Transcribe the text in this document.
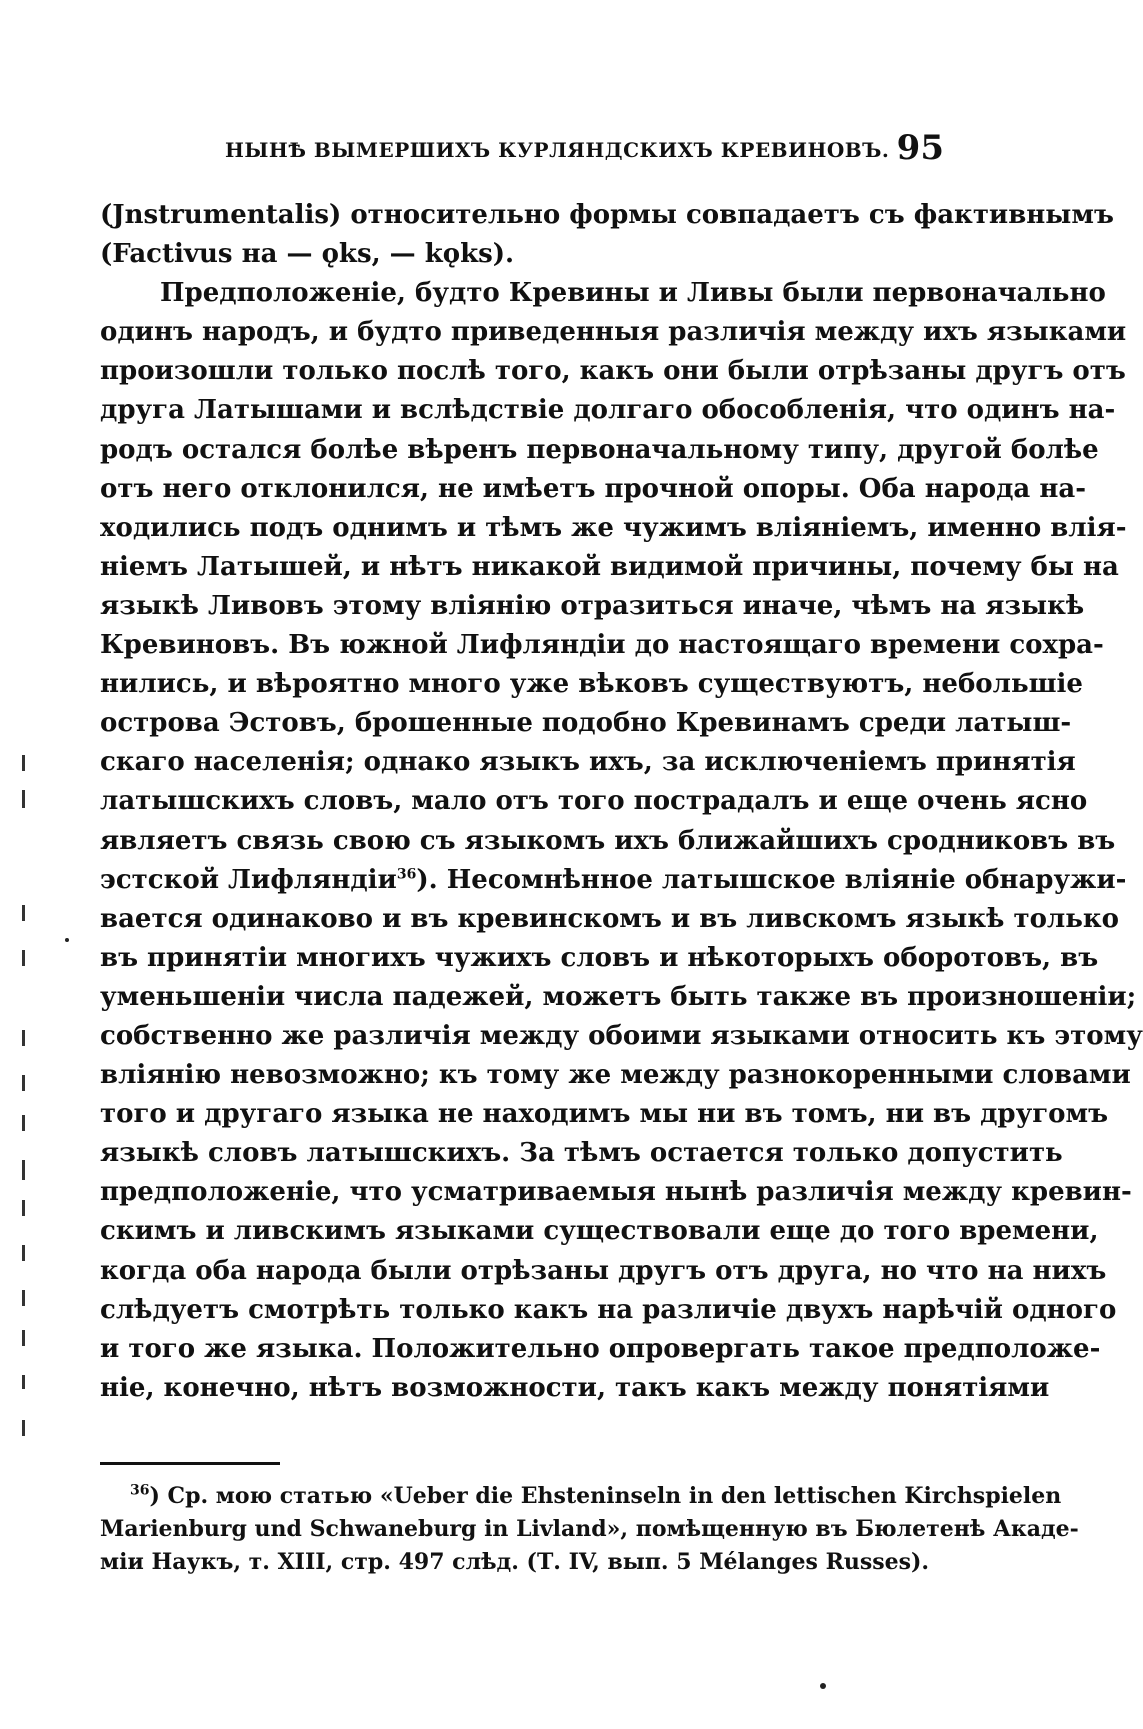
НЫНѢ ВЫМЕРШИХЪ КУРЛЯНДСКИХЪ КРЕВИНОВЪ. 95
(Jnstrumentalis) относительно формы совпадаетъ съ фактивнымъ
(Factivus на — ǫks, — kǫks).
Предположеніе, будто Кревины и Ливы были первоначально
одинъ народъ, и будто приведенныя различія между ихъ языками
произошли только послѣ того, какъ они были отрѣзаны другъ отъ
друга Латышами и вслѣдствіе долгаго обособленія, что одинъ на-
родъ остался болѣе вѣренъ первоначальному типу, другой болѣе
отъ него отклонился, не имѣетъ прочной опоры. Оба народа на-
ходились подъ однимъ и тѣмъ же чужимъ вліяніемъ, именно влія-
ніемъ Латышей, и нѣтъ никакой видимой причины, почему бы на
языкѣ Ливовъ этому вліянію отразиться иначе, чѣмъ на языкѣ
Кревиновъ. Въ южной Лифляндіи до настоящаго времени сохра-
нились, и вѣроятно много уже вѣковъ существуютъ, небольшіе
острова Эстовъ, брошенные подобно Кревинамъ среди латыш-
скаго населенія; однако языкъ ихъ, за исключеніемъ принятія
латышскихъ словъ, мало отъ того пострадалъ и еще очень ясно
являетъ связь свою съ языкомъ ихъ ближайшихъ сродниковъ въ
эстской Лифляндіи$^{36}$). Несомнѣнное латышское вліяніе обнаружи-
вается одинаково и въ кревинскомъ и въ ливскомъ языкѣ только
въ принятіи многихъ чужихъ словъ и нѣкоторыхъ оборотовъ, въ
уменьшеніи числа падежей, можетъ быть также въ произношеніи;
собственно же различія между обоими языками относить къ этому
вліянію невозможно; къ тому же между разнокоренными словами
того и другаго языка не находимъ мы ни въ томъ, ни въ другомъ
языкѣ словъ латышскихъ. За тѣмъ остается только допустить
предположеніе, что усматриваемыя нынѣ различія между кревин-
скимъ и ливскимъ языками существовали еще до того времени,
когда оба народа были отрѣзаны другъ отъ друга, но что на нихъ
слѣдуетъ смотрѣть только какъ на различіе двухъ нарѣчій одного
и того же языка. Положительно опровергать такое предположе-
ніе, конечно, нѣтъ возможности, такъ какъ между понятіями
$^{36}$) Ср. мою статью «Ueber die Ehsteninseln in den lettischen Kirchspielen
Marienburg und Schwaneburg in Livland», помѣщенную въ Бюлетенѣ Акаде-
міи Наукъ, т. XIII, стр. 497 слѣд. (Т. IV, вып. 5 Mélanges Russes).
